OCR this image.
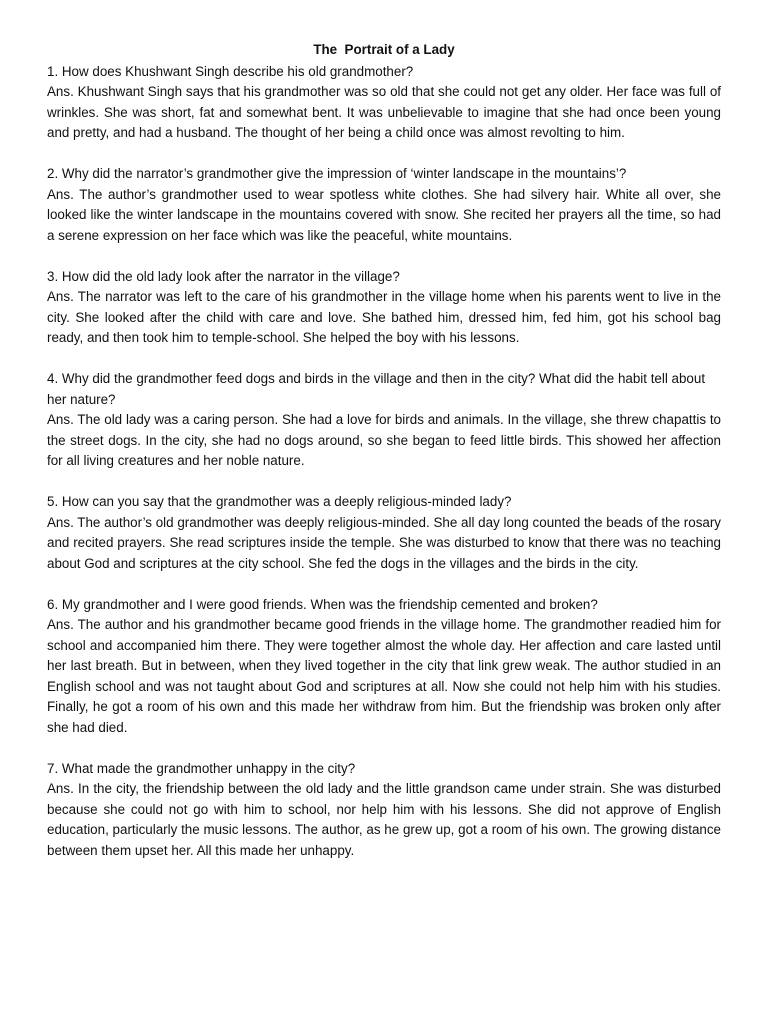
The  Portrait of a Lady

1. How does Khushwant Singh describe his old grandmother?

Ans. Khushwant Singh says that his grandmother was so old that she could not get any older. Her face was full of wrinkles. She was short, fat and somewhat bent. It was unbelievable to imagine that she had once been young and pretty, and had a husband. The thought of her being a child once was almost revolting to him.

2. Why did the narrator’s grandmother give the impression of ‘winter landscape in the mountains’?

Ans. The author’s grandmother used to wear spotless white clothes. She had silvery hair. White all over, she looked like the winter landscape in the mountains covered with snow. She recited her prayers all the time, so had a serene expression on her face which was like the peaceful, white mountains.

3. How did the old lady look after the narrator in the village?

Ans. The narrator was left to the care of his grandmother in the village home when his parents went to live in the city. She looked after the child with care and love. She bathed him, dressed him, fed him, got his school bag ready, and then took him to temple-school. She helped the boy with his lessons.

4. Why did the grandmother feed dogs and birds in the village and then in the city? What did the habit tell about her nature?

Ans. The old lady was a caring person. She had a love for birds and animals. In the village, she threw chapattis to the street dogs. In the city, she had no dogs around, so she began to feed little birds. This showed her affection for all living creatures and her noble nature.

5. How can you say that the grandmother was a deeply religious-minded lady?

Ans. The author’s old grandmother was deeply religious-minded. She all day long counted the beads of the rosary and recited prayers. She read scriptures inside the temple. She was disturbed to know that there was no teaching about God and scriptures at the city school. She fed the dogs in the villages and the birds in the city.

6. My grandmother and I were good friends. When was the friendship cemented and broken?

Ans. The author and his grandmother became good friends in the village home. The grandmother readied him for school and accompanied him there. They were together almost the whole day. Her affection and care lasted until her last breath. But in between, when they lived together in the city that link grew weak. The author studied in an English school and was not taught about God and scriptures at all. Now she could not help him with his studies. Finally, he got a room of his own and this made her withdraw from him. But the friendship was broken only after she had died.

7. What made the grandmother unhappy in the city?

Ans. In the city, the friendship between the old lady and the little grandson came under strain. She was disturbed because she could not go with him to school, nor help him with his lessons. She did not approve of English education, particularly the music lessons. The author, as he grew up, got a room of his own. The growing distance between them upset her. All this made her unhappy.
